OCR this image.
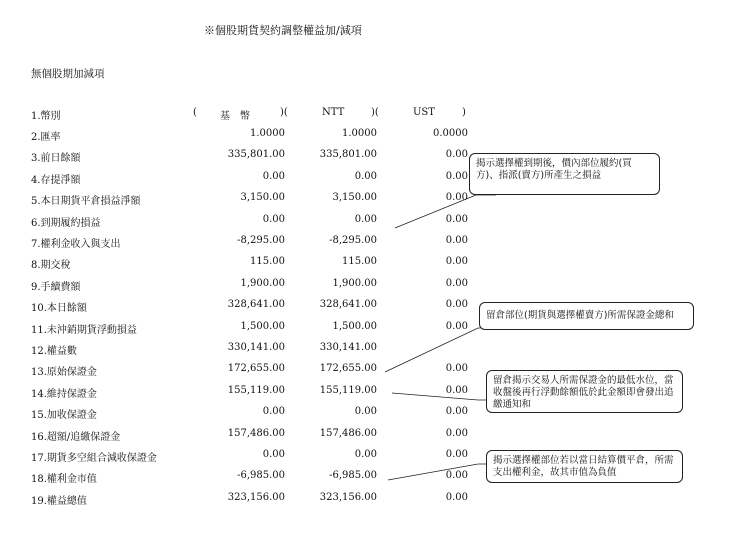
※個股期貨契約調整權益加/減項
無個股期加減項
1.幣別	( 基　幣	)(	NTT	)(	UST	)
2.匯率	1.0000	1.0000	0.0000
3.前日餘額	335,801.00	335,801.00	0.00
4.存提淨額	0.00	0.00	0.00
5.本日期貨平倉損益淨額	3,150.00	3,150.00	0.00
6.到期履約損益	0.00	0.00	0.00
7.權利金收入與支出	-8,295.00	-8,295.00	0.00
8.期交稅	115.00	115.00	0.00
9.手續費額	1,900.00	1,900.00	0.00
10.本日餘額	328,641.00	328,641.00	0.00
11.未沖銷期貨浮動損益	1,500.00	1,500.00	0.00
12.權益數	330,141.00	330,141.00
13.原始保證金	172,655.00	172,655.00	0.00
14.維持保證金	155,119.00	155,119.00	0.00
15.加收保證金	0.00	0.00	0.00
16.超額/追繳保證金	157,486.00	157,486.00	0.00
17.期貨多空組合減收保證金	0.00	0.00	0.00
18.權利金市值	-6,985.00	-6,985.00	0.00
19.權益總值	323,156.00	323,156.00	0.00
揭示選擇權到期後，價內部位履約(買方)、指派(賣方)所產生之損益
留倉部位(期貨與選擇權賣方)所需保證金總和
留倉揭示交易人所需保證金的最低水位，當收盤後再行浮動餘額低於此金額即會發出追繳通知和
揭示選擇權部位若以當日結算價平倉，所需支出權利金，故其市值為負值
